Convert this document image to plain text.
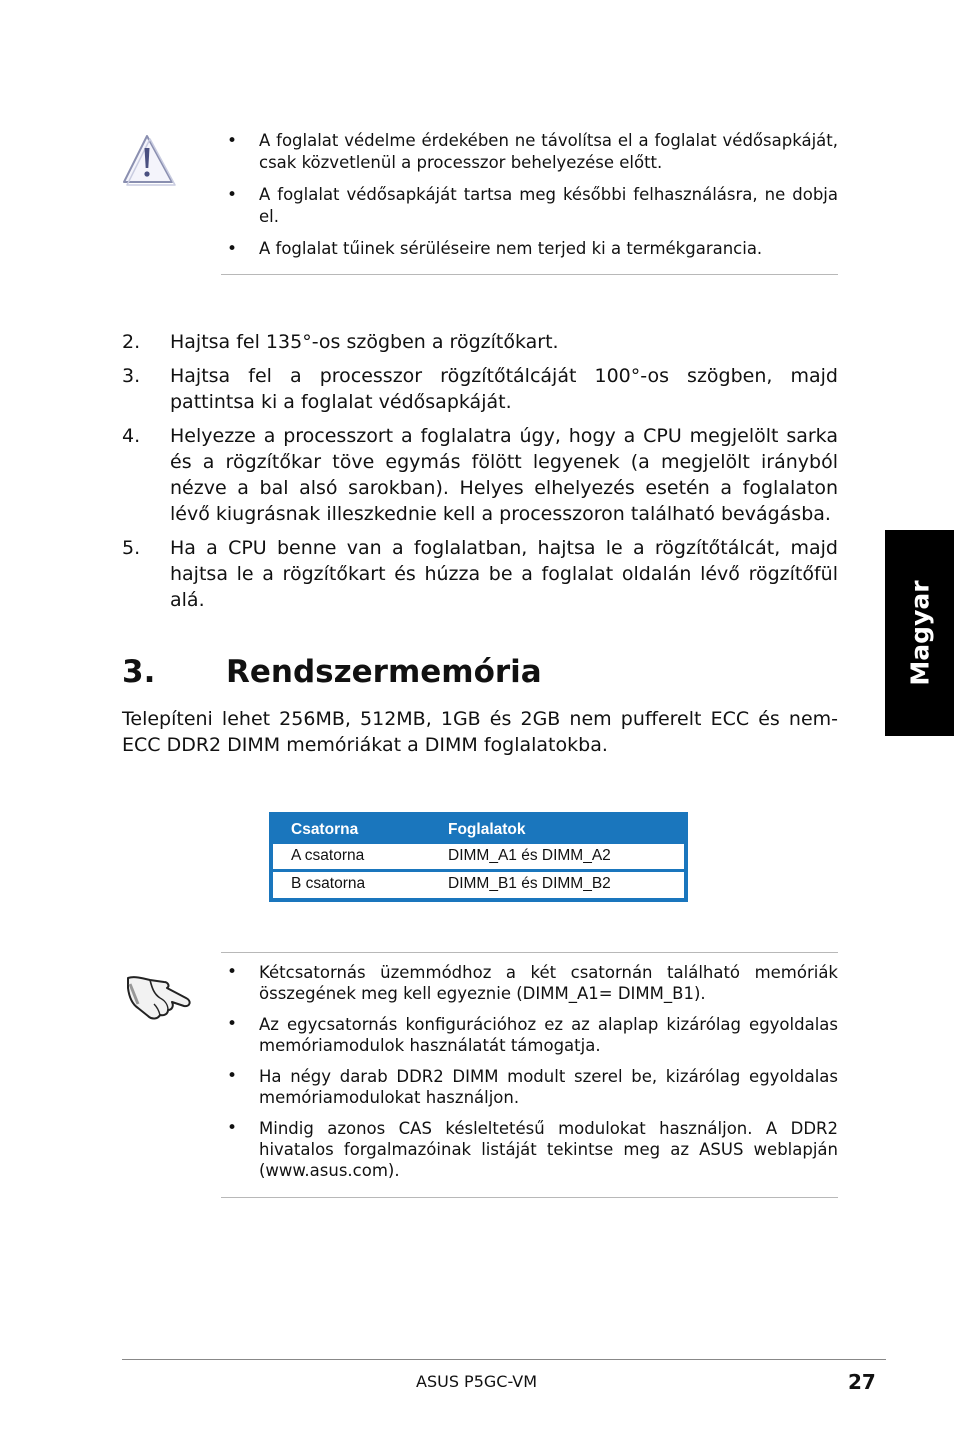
• A foglalat védelme érdekében ne távolítsa el a foglalat védősapkáját, csak közvetlenül a processzor behelyezése előtt.
• A foglalat védősapkáját tartsa meg későbbi felhasználásra, ne dobja el.
• A foglalat tűinek sérüléseire nem terjed ki a termékgarancia.
2. Hajtsa fel 135°-os szögben a rögzítőkart.
3. Hajtsa fel a processzor rögzítőtálcáját 100°-os szögben, majd pattintsa ki a foglalat védősapkáját.
4. Helyezze a processzort a foglalatra úgy, hogy a CPU megjelölt sarka és a rögzítőkar töve egymás fölött legyenek (a megjelölt irányból nézve a bal alsó sarokban). Helyes elhelyezés esetén a foglalaton lévő kiugrásnak illeszkednie kell a processzoron található bevágásba.
5. Ha a CPU benne van a foglalatban, hajtsa le a rögzítőtálcát, majd hajtsa le a rögzítőkart és húzza be a foglalat oldalán lévő rögzítőfül alá.
3. Rendszermemória
Telepíteni lehet 256MB, 512MB, 1GB és 2GB nem pufferelt ECC és nem-ECC DDR2 DIMM memóriákat a DIMM foglalatokba.
Csatorna	Foglalatok
A csatorna	DIMM_A1 és DIMM_A2
B csatorna	DIMM_B1 és DIMM_B2
• Kétcsatornás üzemmódhoz a két csatornán található memóriák összegének meg kell egyeznie (DIMM_A1= DIMM_B1).
• Az egycsatornás konfigurációhoz ez az alaplap kizárólag egyoldalas memóriamodulok használatát támogatja.
• Ha négy darab DDR2 DIMM modult szerel be, kizárólag egyoldalas memóriamodulokat használjon.
• Mindig azonos CAS késleltetésű modulokat használjon. A DDR2 hivatalos forgalmazóinak listáját tekintse meg az ASUS weblapján (www.asus.com).
Magyar
ASUS P5GC-VM	27
